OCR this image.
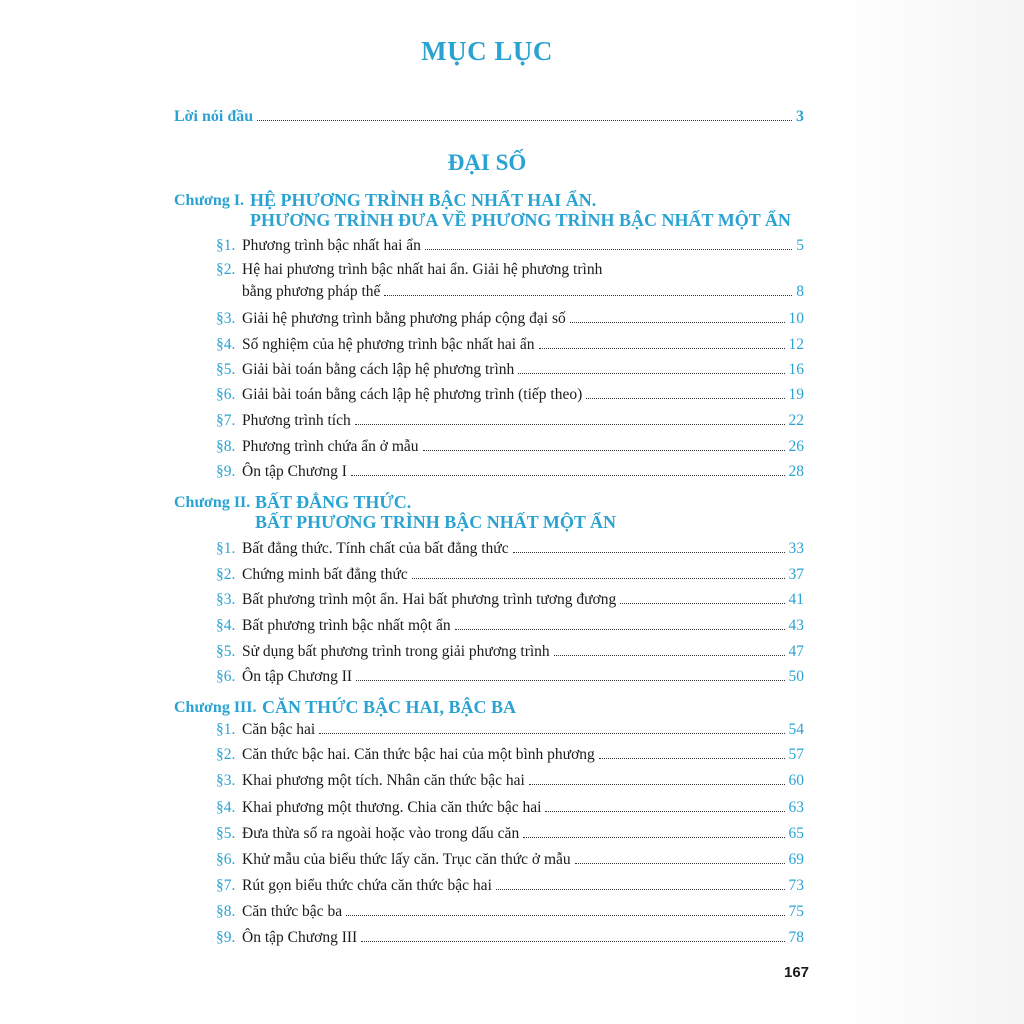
MỤC LỤC
Lời nói đầu	3
ĐẠI SỐ
Chương I. HỆ PHƯƠNG TRÌNH BẬC NHẤT HAI ẨN.
PHƯƠNG TRÌNH ĐƯA VỀ PHƯƠNG TRÌNH BẬC NHẤT MỘT ẨN
§1. Phương trình bậc nhất hai ẩn	5
§2. Hệ hai phương trình bậc nhất hai ẩn. Giải hệ phương trình
bằng phương pháp thế	8
§3. Giải hệ phương trình bằng phương pháp cộng đại số	10
§4. Số nghiệm của hệ phương trình bậc nhất hai ẩn	12
§5. Giải bài toán bằng cách lập hệ phương trình	16
§6. Giải bài toán bằng cách lập hệ phương trình (tiếp theo)	19
§7. Phương trình tích	22
§8. Phương trình chứa ẩn ở mẫu	26
§9. Ôn tập Chương I	28
Chương II. BẤT ĐẲNG THỨC.
BẤT PHƯƠNG TRÌNH BẬC NHẤT MỘT ẨN
§1. Bất đẳng thức. Tính chất của bất đẳng thức	33
§2. Chứng minh bất đẳng thức	37
§3. Bất phương trình một ẩn. Hai bất phương trình tương đương	41
§4. Bất phương trình bậc nhất một ẩn	43
§5. Sử dụng bất phương trình trong giải phương trình	47
§6. Ôn tập Chương II	50
Chương III. CĂN THỨC BẬC HAI, BẬC BA
§1. Căn bậc hai	54
§2. Căn thức bậc hai. Căn thức bậc hai của một bình phương	57
§3. Khai phương một tích. Nhân căn thức bậc hai	60
§4. Khai phương một thương. Chia căn thức bậc hai	63
§5. Đưa thừa số ra ngoài hoặc vào trong dấu căn	65
§6. Khử mẫu của biểu thức lấy căn. Trục căn thức ở mẫu	69
§7. Rút gọn biểu thức chứa căn thức bậc hai	73
§8. Căn thức bậc ba	75
§9. Ôn tập Chương III	78
167
